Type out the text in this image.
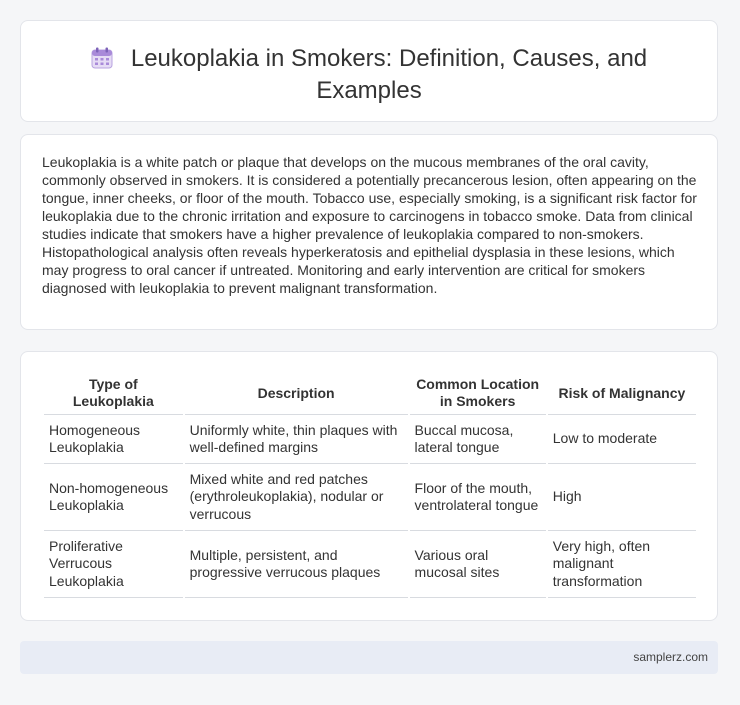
Leukoplakia in Smokers: Definition, Causes, and Examples
Leukoplakia is a white patch or plaque that develops on the mucous membranes of the oral cavity, commonly observed in smokers. It is considered a potentially precancerous lesion, often appearing on the tongue, inner cheeks, or floor of the mouth. Tobacco use, especially smoking, is a significant risk factor for leukoplakia due to the chronic irritation and exposure to carcinogens in tobacco smoke. Data from clinical studies indicate that smokers have a higher prevalence of leukoplakia compared to non-smokers. Histopathological analysis often reveals hyperkeratosis and epithelial dysplasia in these lesions, which may progress to oral cancer if untreated. Monitoring and early intervention are critical for smokers diagnosed with leukoplakia to prevent malignant transformation.
Type of Leukoplakia	Description	Common Location in Smokers	Risk of Malignancy
Homogeneous Leukoplakia	Uniformly white, thin plaques with well-defined margins	Buccal mucosa, lateral tongue	Low to moderate
Non-homogeneous Leukoplakia	Mixed white and red patches (erythroleukoplakia), nodular or verrucous	Floor of the mouth, ventrolateral tongue	High
Proliferative Verrucous Leukoplakia	Multiple, persistent, and progressive verrucous plaques	Various oral mucosal sites	Very high, often malignant transformation
samplerz.com
